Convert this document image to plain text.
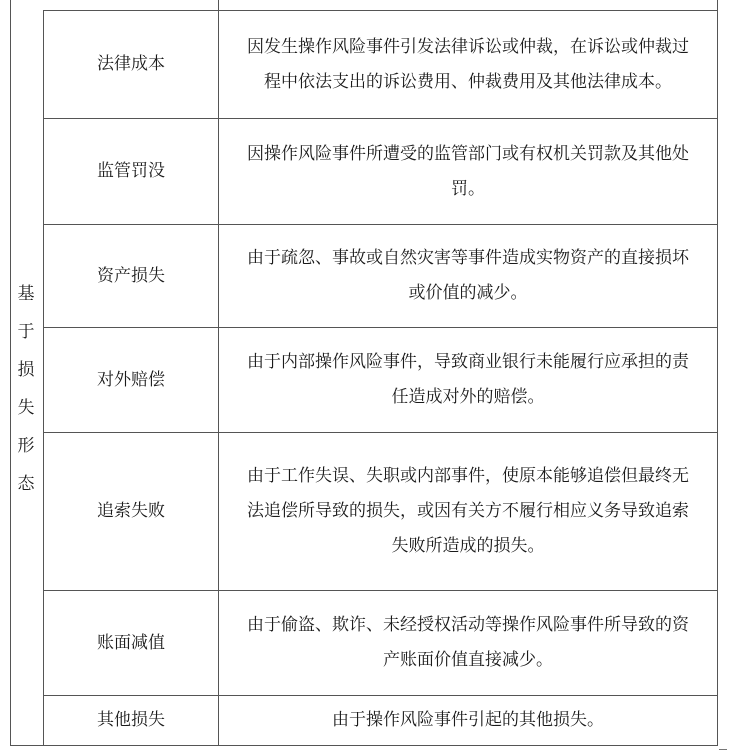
基
于
损
失
形
态
法律成本
因发生操作风险事件引发法律诉讼或仲裁，在诉讼或仲裁过
程中依法支出的诉讼费用、仲裁费用及其他法律成本。
监管罚没
因操作风险事件所遭受的监管部门或有权机关罚款及其他处
罚。
资产损失
由于疏忽、事故或自然灾害等事件造成实物资产的直接损坏
或价值的减少。
对外赔偿
由于内部操作风险事件，导致商业银行未能履行应承担的责
任造成对外的赔偿。
追索失败
由于工作失误、失职或内部事件，使原本能够追偿但最终无
法追偿所导致的损失，或因有关方不履行相应义务导致追索
失败所造成的损失。
账面减值
由于偷盗、欺诈、未经授权活动等操作风险事件所导致的资
产账面价值直接减少。
其他损失	由于操作风险事件引起的其他损失。
